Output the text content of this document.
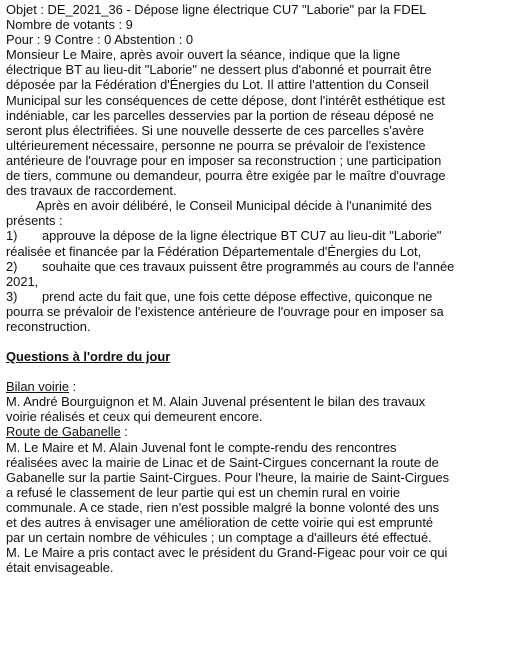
Objet : DE_2021_36 - Dépose ligne électrique CU7 "Laborie" par la FDEL
Nombre de votants : 9
Pour : 9 Contre : 0 Abstention : 0
Monsieur Le Maire, après avoir ouvert la séance, indique que la ligne
électrique BT au lieu-dit "Laborie" ne dessert plus d'abonné et pourrait être
déposée par la Fédération d'Énergies du Lot. Il attire l'attention du Conseil
Municipal sur les conséquences de cette dépose, dont l'intérêt esthétique est
indéniable, car les parcelles desservies par la portion de réseau déposé ne
seront plus électrifiées. Si une nouvelle desserte de ces parcelles s'avère
ultérieurement nécessaire, personne ne pourra se prévaloir de l'existence
antérieure de l'ouvrage pour en imposer sa reconstruction ; une participation
de tiers, commune ou demandeur, pourra être exigée par le maître d'ouvrage
des travaux de raccordement.
Après en avoir délibéré, le Conseil Municipal décide à l'unanimité des
présents :
1) approuve la dépose de la ligne électrique BT CU7 au lieu-dit "Laborie"
réalisée et financée par la Fédération Départementale d'Énergies du Lot,
2) souhaite que ces travaux puissent être programmés au cours de l'année
2021,
3) prend acte du fait que, une fois cette dépose effective, quiconque ne
pourra se prévaloir de l'existence antérieure de l'ouvrage pour en imposer sa
reconstruction.
Questions à l'ordre du jour
Bilan voirie :
M. André Bourguignon et M. Alain Juvenal présentent le bilan des travaux
voirie réalisés et ceux qui demeurent encore.
Route de Gabanelle :
M. Le Maire et M. Alain Juvenal font le compte-rendu des rencontres
réalisées avec la mairie de Linac et de Saint-Cirgues concernant la route de
Gabanelle sur la partie Saint-Cirgues. Pour l'heure, la mairie de Saint-Cirgues
a refusé le classement de leur partie qui est un chemin rural en voirie
communale. A ce stade, rien n'est possible malgré la bonne volonté des uns
et des autres à envisager une amélioration de cette voirie qui est emprunté
par un certain nombre de véhicules ; un comptage a d'ailleurs été effectué.
M. Le Maire a pris contact avec le président du Grand-Figeac pour voir ce qui
était envisageable.
